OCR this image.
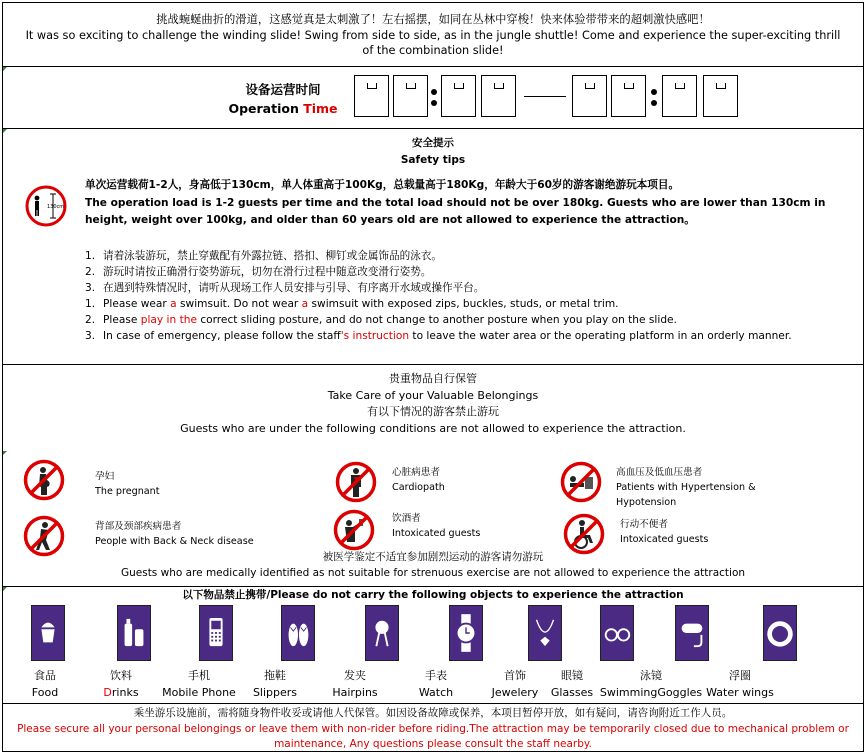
挑战蜿蜒曲折的滑道，这感觉真是太刺激了！左右摇摆，如同在丛林中穿梭！快来体验带带来的超刺激快感吧！
It was so exciting to challenge the winding slide! Swing from side to side, as in the jungle shuttle! Come and experience the super-exciting thrill of the combination slide!
设备运营时间
Operation Time
安全提示
Safety tips
130cm
单次运营载荷1-2人，身高低于130cm，单人体重高于100Kg，总载量高于180Kg，年龄大于60岁的游客谢绝游玩本项目。
The operation load is 1-2 guests per time and the total load should not be over 180kg. Guests who are lower than 130cm in height, weight over 100kg, and older than 60 years old are not allowed to experience the attraction。
1. 请着泳装游玩，禁止穿戴配有外露拉链、搭扣、柳钉或金属饰品的泳衣。
2. 游玩时请按正确滑行姿势游玩，切勿在滑行过程中随意改变滑行姿势。
3. 在遇到特殊情况时，请听从现场工作人员安排与引导、有序离开水域或操作平台。
1. Please wear a swimsuit. Do not wear a swimsuit with exposed zips, buckles, studs, or metal trim.
2. Please play in the correct sliding posture, and do not change to another posture when you play on the slide.
3. In case of emergency, please follow the staff's instruction to leave the water area or the operating platform in an orderly manner.
贵重物品自行保管
Take Care of your Valuable Belongings
有以下情况的游客禁止游玩
Guests who are under the following conditions are not allowed to experience the attraction.
孕妇
The pregnant
心脏病患者
Cardiopath
高血压及低血压患者
Patients with Hypertension & Hypotension
背部及颈部疾病患者
People with Back & Neck disease
饮酒者
Intoxicated guests
行动不便者
Intoxicated guests
被医学鉴定不适宜参加剧烈运动的游客请勿游玩
Guests who are medically identified as not suitable for strenuous exercise are not allowed to experience the attraction
以下物品禁止携带/Please do not carry the following objects to experience the attraction
食品
Food
饮料
Drinks
手机
Mobile Phone
拖鞋
Slippers
发夹
Hairpins
手表
Watch
首饰
Jewelery
眼镜
Glasses
泳镜
SwimmingGoggles
浮圈
Water wings
乘坐游乐设施前，需将随身物件收妥或请他人代保管。如因设备故障或保养，本项目暂停开放，如有疑问，请咨询附近工作人员。
Please secure all your personal belongings or leave them with non-rider before riding.The attraction may be temporarily closed due to mechanical problem or maintenance, Any questions please consult the staff nearby.
